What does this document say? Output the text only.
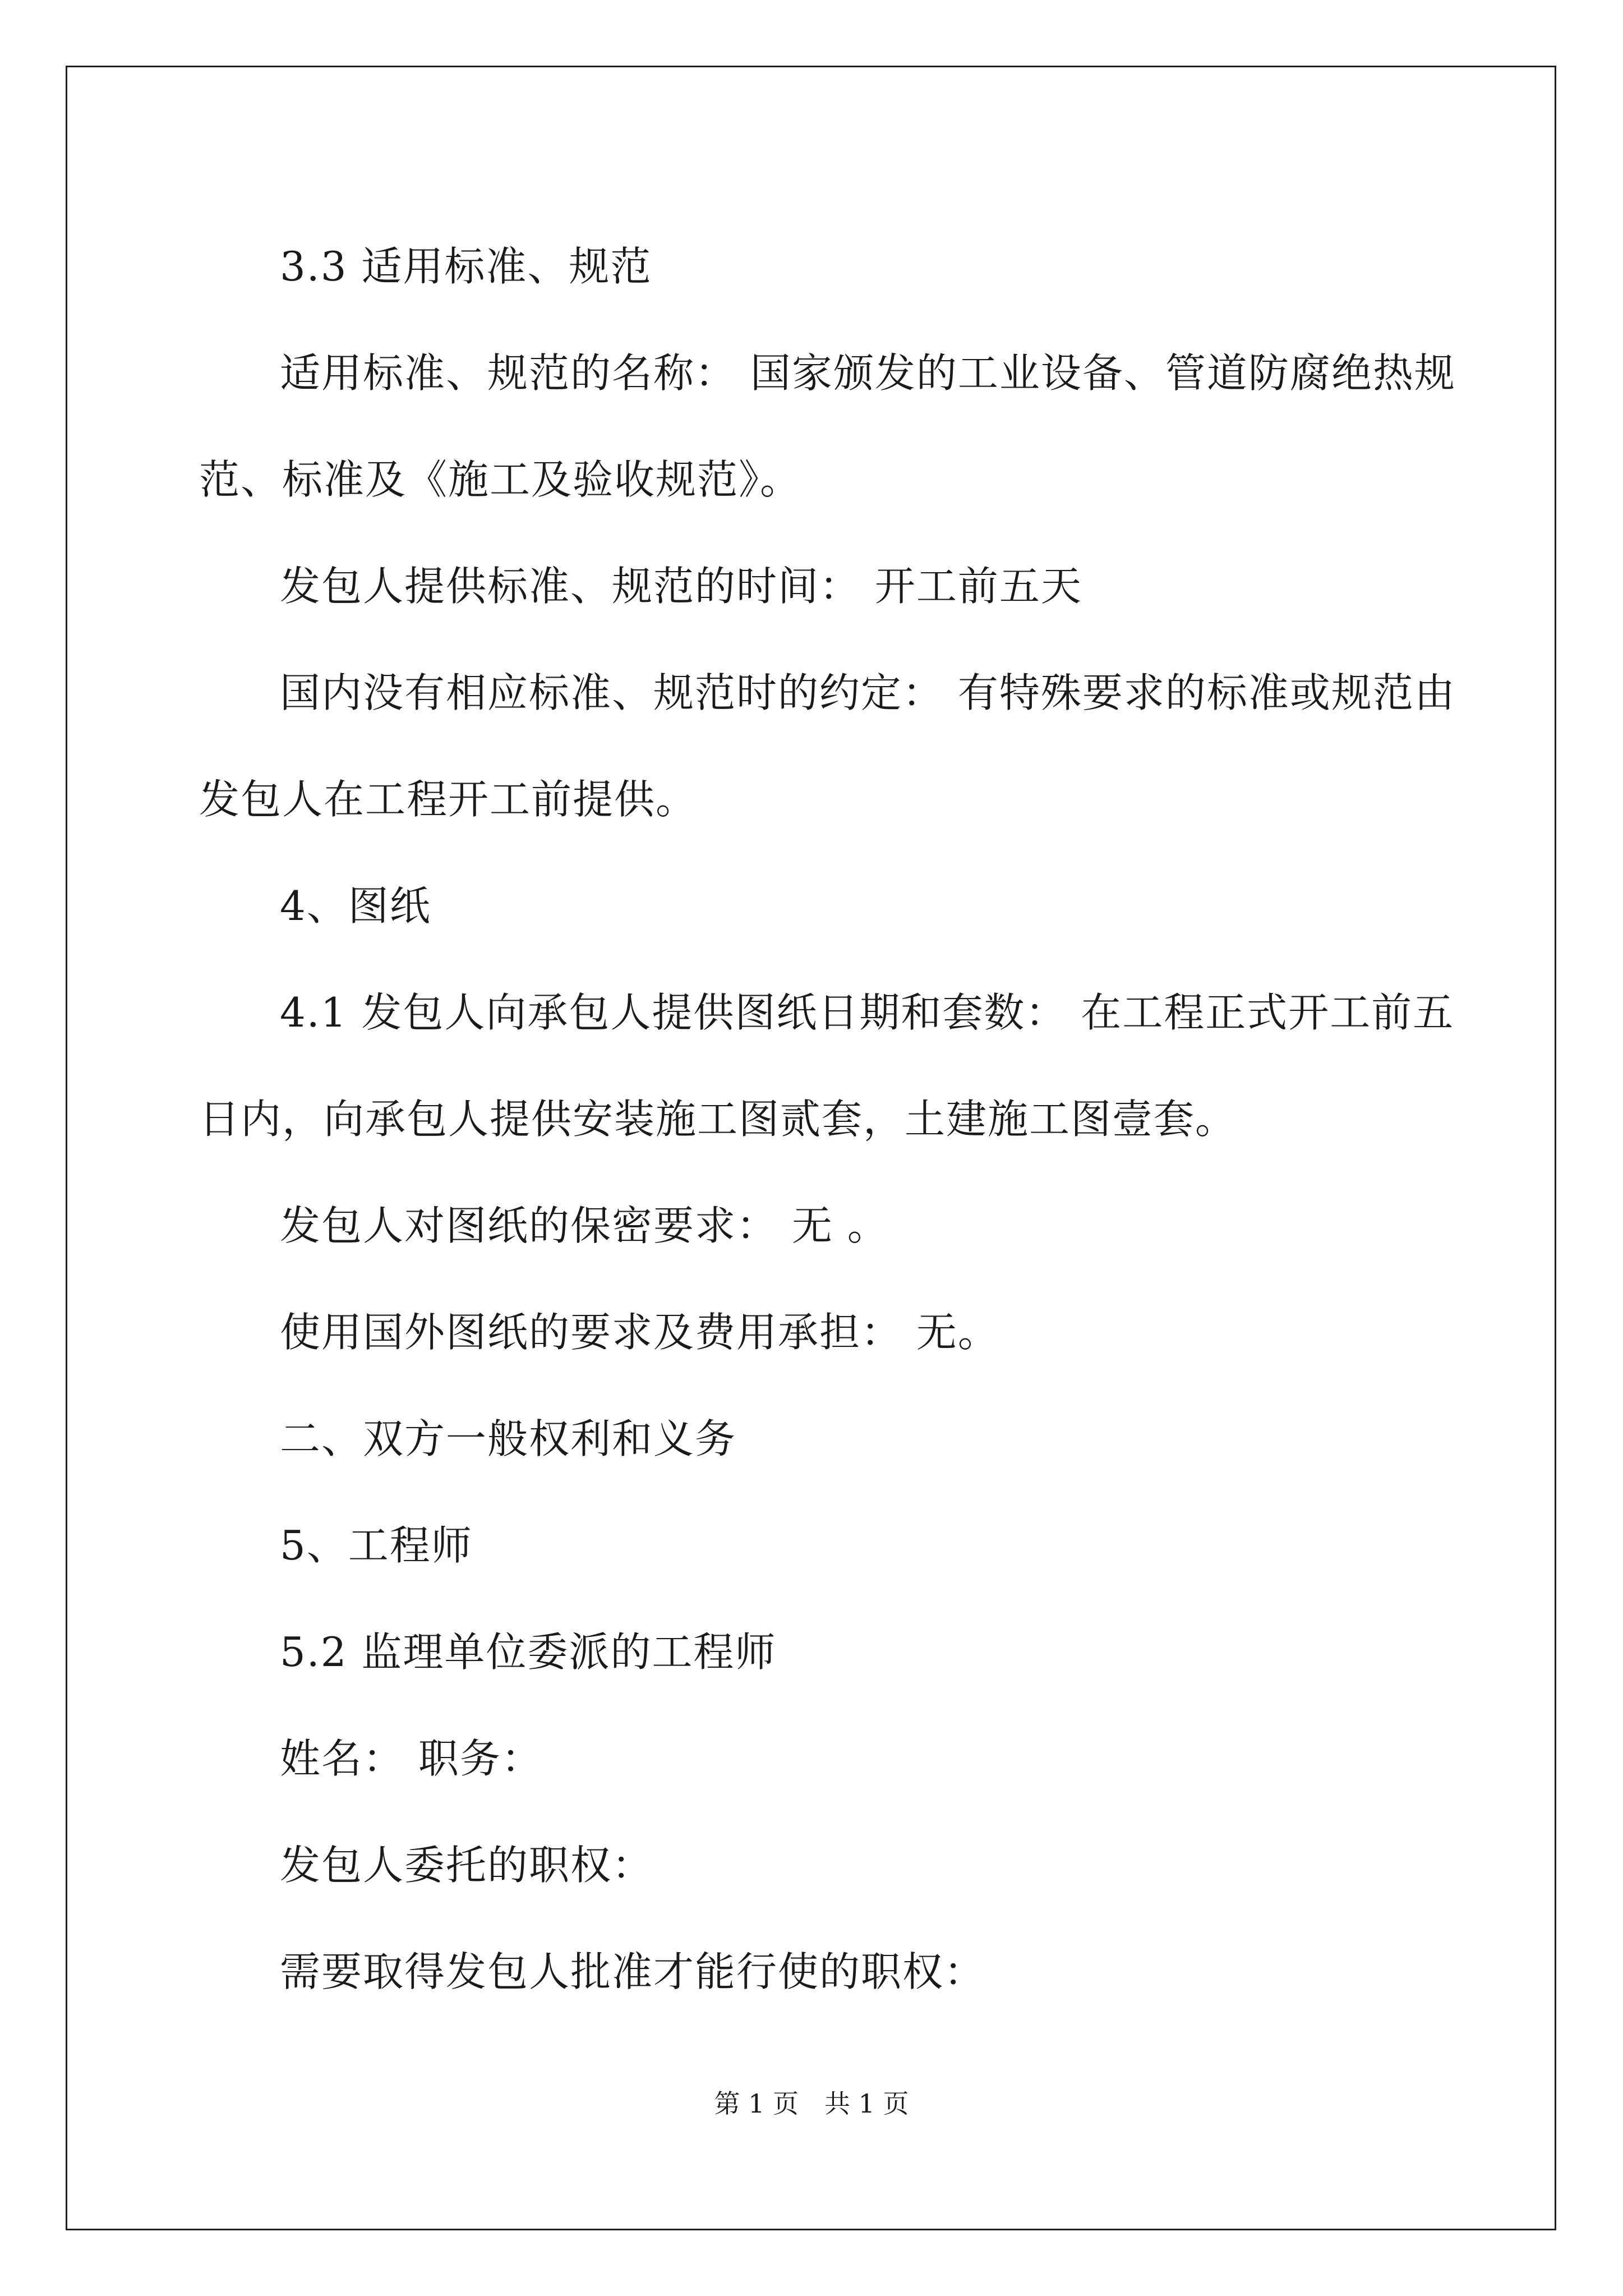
3.3 适用标准、规范

适用标准、规范的名称： 国家颁发的工业设备、管道防腐绝热规

范、标准及《施工及验收规范》。

发包人提供标准、规范的时间： 开工前五天

国内没有相应标准、规范时的约定： 有特殊要求的标准或规范由

发包人在工程开工前提供。

4、图纸

4.1 发包人向承包人提供图纸日期和套数： 在工程正式开工前五

日内，向承包人提供安装施工图贰套，土建施工图壹套。

发包人对图纸的保密要求： 无 。

使用国外图纸的要求及费用承担： 无。

二、双方一般权利和义务

5、工程师

5.2 监理单位委派的工程师

姓名： 职务：

发包人委托的职权：

需要取得发包人批准才能行使的职权：

第 1 页 共 1 页
